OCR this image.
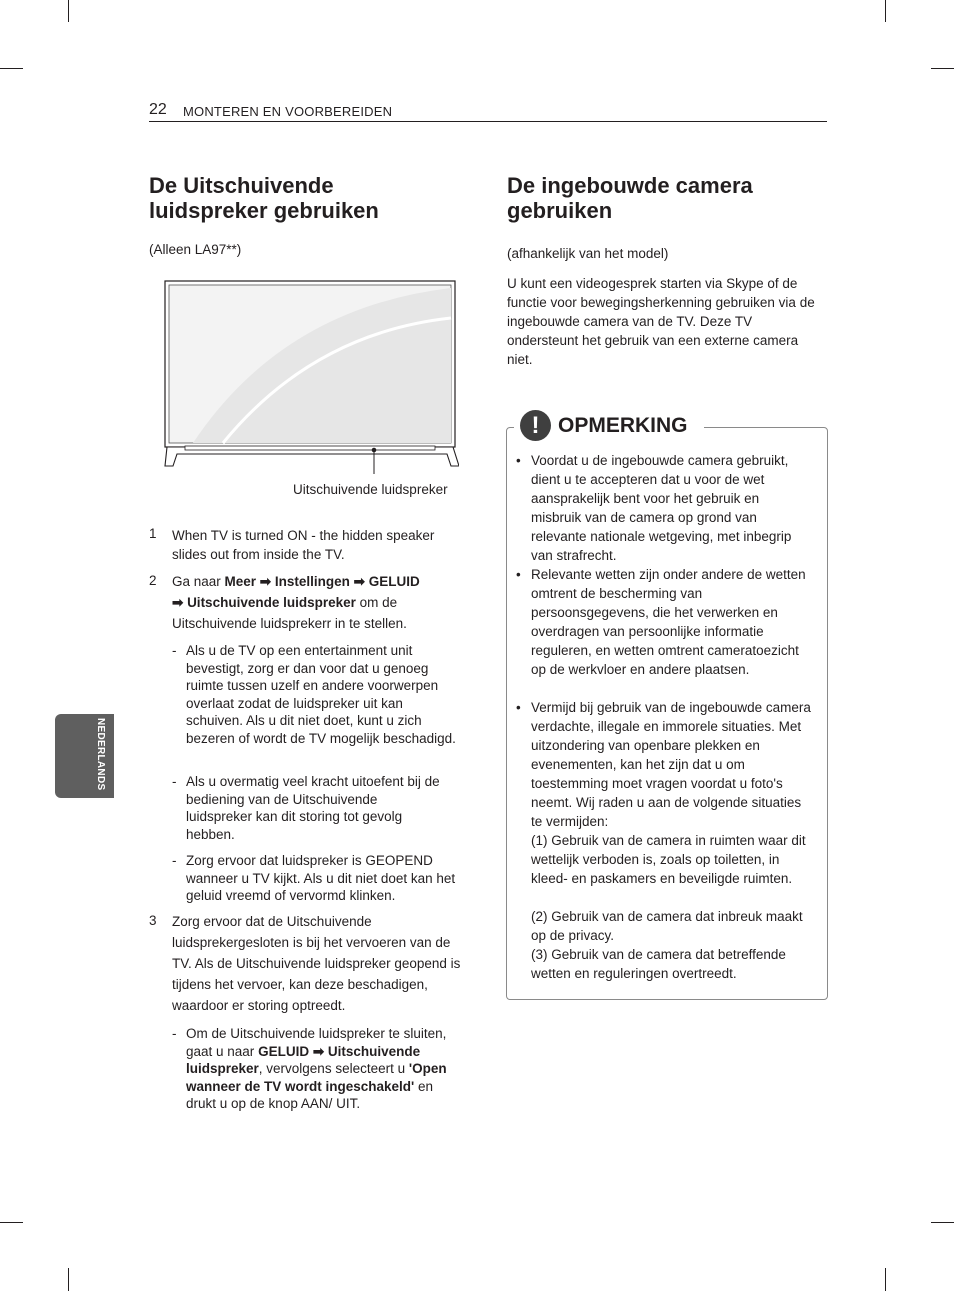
22 MONTEREN EN VOORBEREIDEN
NEDERLANDS
De Uitschuivende luidspreker gebruiken
(Alleen LA97**)
Uitschuivende luidspreker
1 When TV is turned ON - the hidden speaker slides out from inside the TV.
2 Ga naar Meer ➡ Instellingen ➡ GELUID
➡ Uitschuivende luidspreker om de Uitschuivende luidsprekerr in te stellen.
- Als u de TV op een entertainment unit bevestigt, zorg er dan voor dat u genoeg ruimte tussen uzelf en andere voorwerpen overlaat zodat de luidspreker uit kan schuiven. Als u dit niet doet, kunt u zich bezeren of wordt de TV mogelijk beschadigd.
- Als u overmatig veel kracht uitoefent bij de bediening van de Uitschuivende luidspreker kan dit storing tot gevolg hebben.
- Zorg ervoor dat luidspreker is GEOPEND wanneer u TV kijkt. Als u dit niet doet kan het geluid vreemd of vervormd klinken.
3 Zorg ervoor dat de Uitschuivende luidsprekergesloten is bij het vervoeren van de TV. Als de Uitschuivende luidspreker geopend is tijdens het vervoer, kan deze beschadigen, waardoor er storing optreedt.
- Om de Uitschuivende luidspreker te sluiten, gaat u naar GELUID ➡ Uitschuivende luidspreker, vervolgens selecteert u 'Open wanneer de TV wordt ingeschakeld' en drukt u op de knop AAN/ UIT.
De ingebouwde camera gebruiken
(afhankelijk van het model)
U kunt een videogesprek starten via Skype of de functie voor bewegingsherkenning gebruiken via de ingebouwde camera van de TV. Deze TV ondersteunt het gebruik van een externe camera niet.
! OPMERKING
• Voordat u de ingebouwde camera gebruikt, dient u te accepteren dat u voor de wet aansprakelijk bent voor het gebruik en misbruik van de camera op grond van relevante nationale wetgeving, met inbegrip van strafrecht.
• Relevante wetten zijn onder andere de wetten omtrent de bescherming van persoonsgegevens, die het verwerken en overdragen van persoonlijke informatie reguleren, en wetten omtrent cameratoezicht op de werkvloer en andere plaatsen.
• Vermijd bij gebruik van de ingebouwde camera verdachte, illegale en immorele situaties. Met uitzondering van openbare plekken en evenementen, kan het zijn dat u om toestemming moet vragen voordat u foto's neemt. Wij raden u aan de volgende situaties te vermijden:
(1) Gebruik van de camera in ruimten waar dit wettelijk verboden is, zoals op toiletten, in kleed- en paskamers en beveiligde ruimten.
(2) Gebruik van de camera dat inbreuk maakt op de privacy.
(3) Gebruik van de camera dat betreffende wetten en reguleringen overtreedt.
